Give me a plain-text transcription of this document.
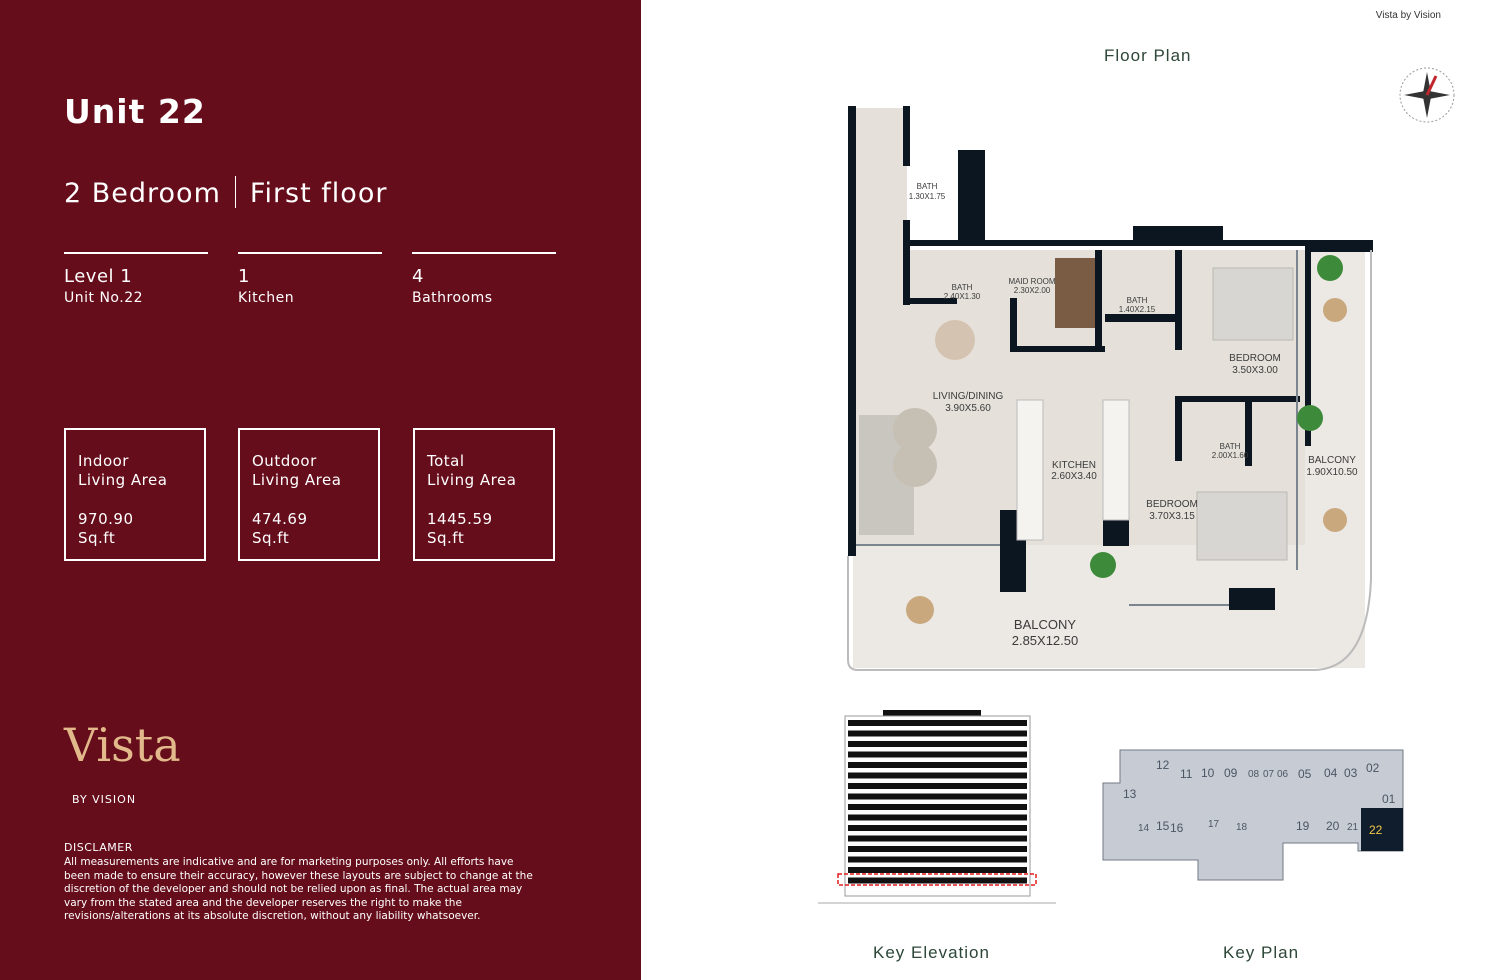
Unit 22
2 Bedroom First floor
Level 1
Unit No.22
1
Kitchen
4
Bathrooms
Indoor
Living Area
970.90
Sq.ft
Outdoor
Living Area
474.69
Sq.ft
Total
Living Area
1445.59
Sq.ft
Vista
BY VISION
DISCLAMER
All measurements are indicative and are for marketing purposes only. All efforts have been made to ensure their accuracy, however these layouts are subject to change at the discretion of the developer and should not be relied upon as final. The actual area may vary from the stated area and the developer reserves the right to make the revisions/alterations at its absolute discretion, without any liability whatsoever.
Vista by Vision
Floor Plan
Key Elevation	Key Plan
BATH
1.30X1.75
BATH
2.40X1.30
MAID ROOM
2.30X2.00
BATH
1.40X2.15
BATH
2.00X1.60
BEDROOM
3.50X3.00
LIVING/DINING
3.90X5.60
KITCHEN
2.60X3.40
BEDROOM
3.70X3.15
BALCONY
1.90X10.50
BALCONY
2.85X12.50
12
11 10 09 08 07 06 05 04 03 02
13	01
14 15 16 17 18	19 20 21 22
